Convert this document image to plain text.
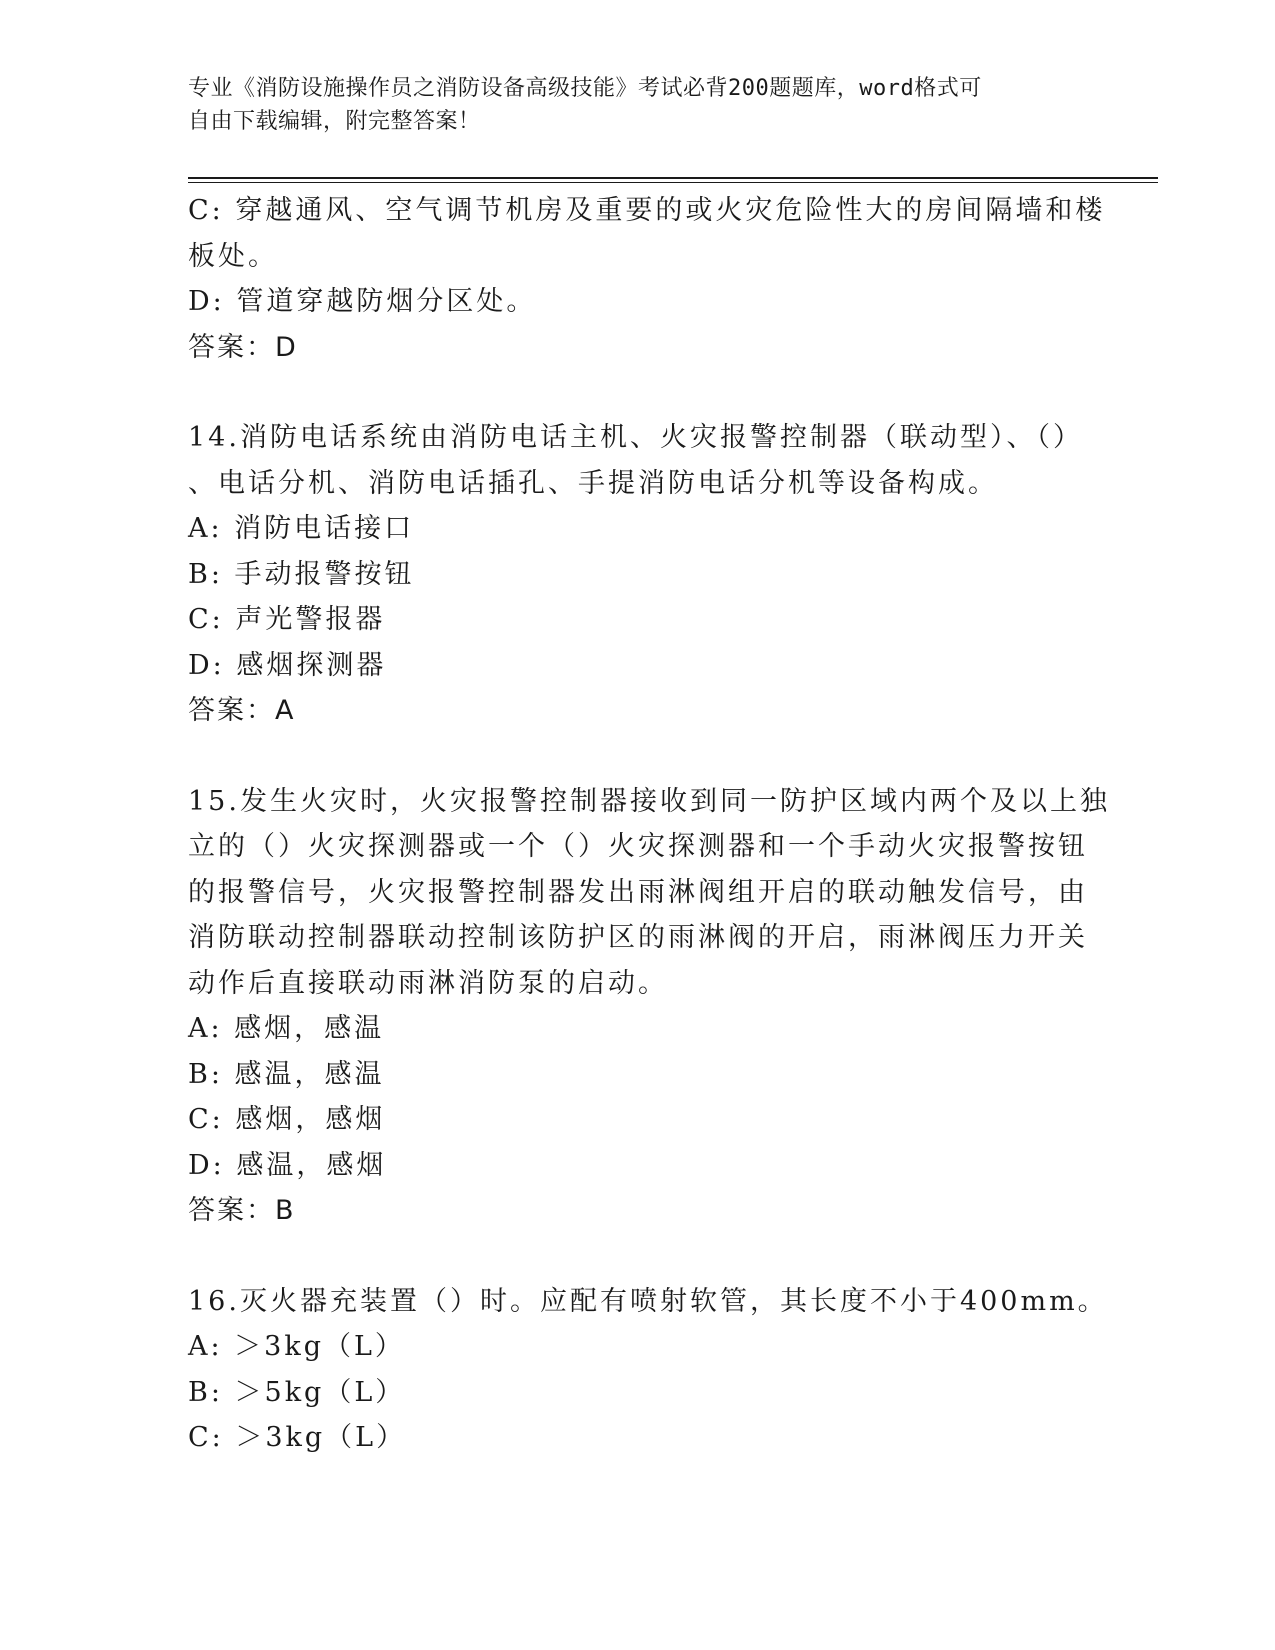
专业《消防设施操作员之消防设备高级技能》考试必背200题题库，word格式可
自由下载编辑，附完整答案！

C: 穿越通风、空气调节机房及重要的或火灾危险性大的房间隔墙和楼

板处。

D: 管道穿越防烟分区处。

答案：D

14.消防电话系统由消防电话主机、火灾报警控制器（联动型）、（）

、电话分机、消防电话插孔、手提消防电话分机等设备构成。

A: 消防电话接口

B: 手动报警按钮

C: 声光警报器

D: 感烟探测器

答案：A

15.发生火灾时，火灾报警控制器接收到同一防护区域内两个及以上独

立的（）火灾探测器或一个（）火灾探测器和一个手动火灾报警按钮

的报警信号，火灾报警控制器发出雨淋阀组开启的联动触发信号，由

消防联动控制器联动控制该防护区的雨淋阀的开启，雨淋阀压力开关

动作后直接联动雨淋消防泵的启动。

A: 感烟，感温

B: 感温，感温

C: 感烟，感烟

D: 感温，感烟

答案：B

16.灭火器充装置（）时。应配有喷射软管，其长度不小于400mm。

A: ＞3kg（L）

B: ＞5kg（L）

C: ＞3kg（L）
